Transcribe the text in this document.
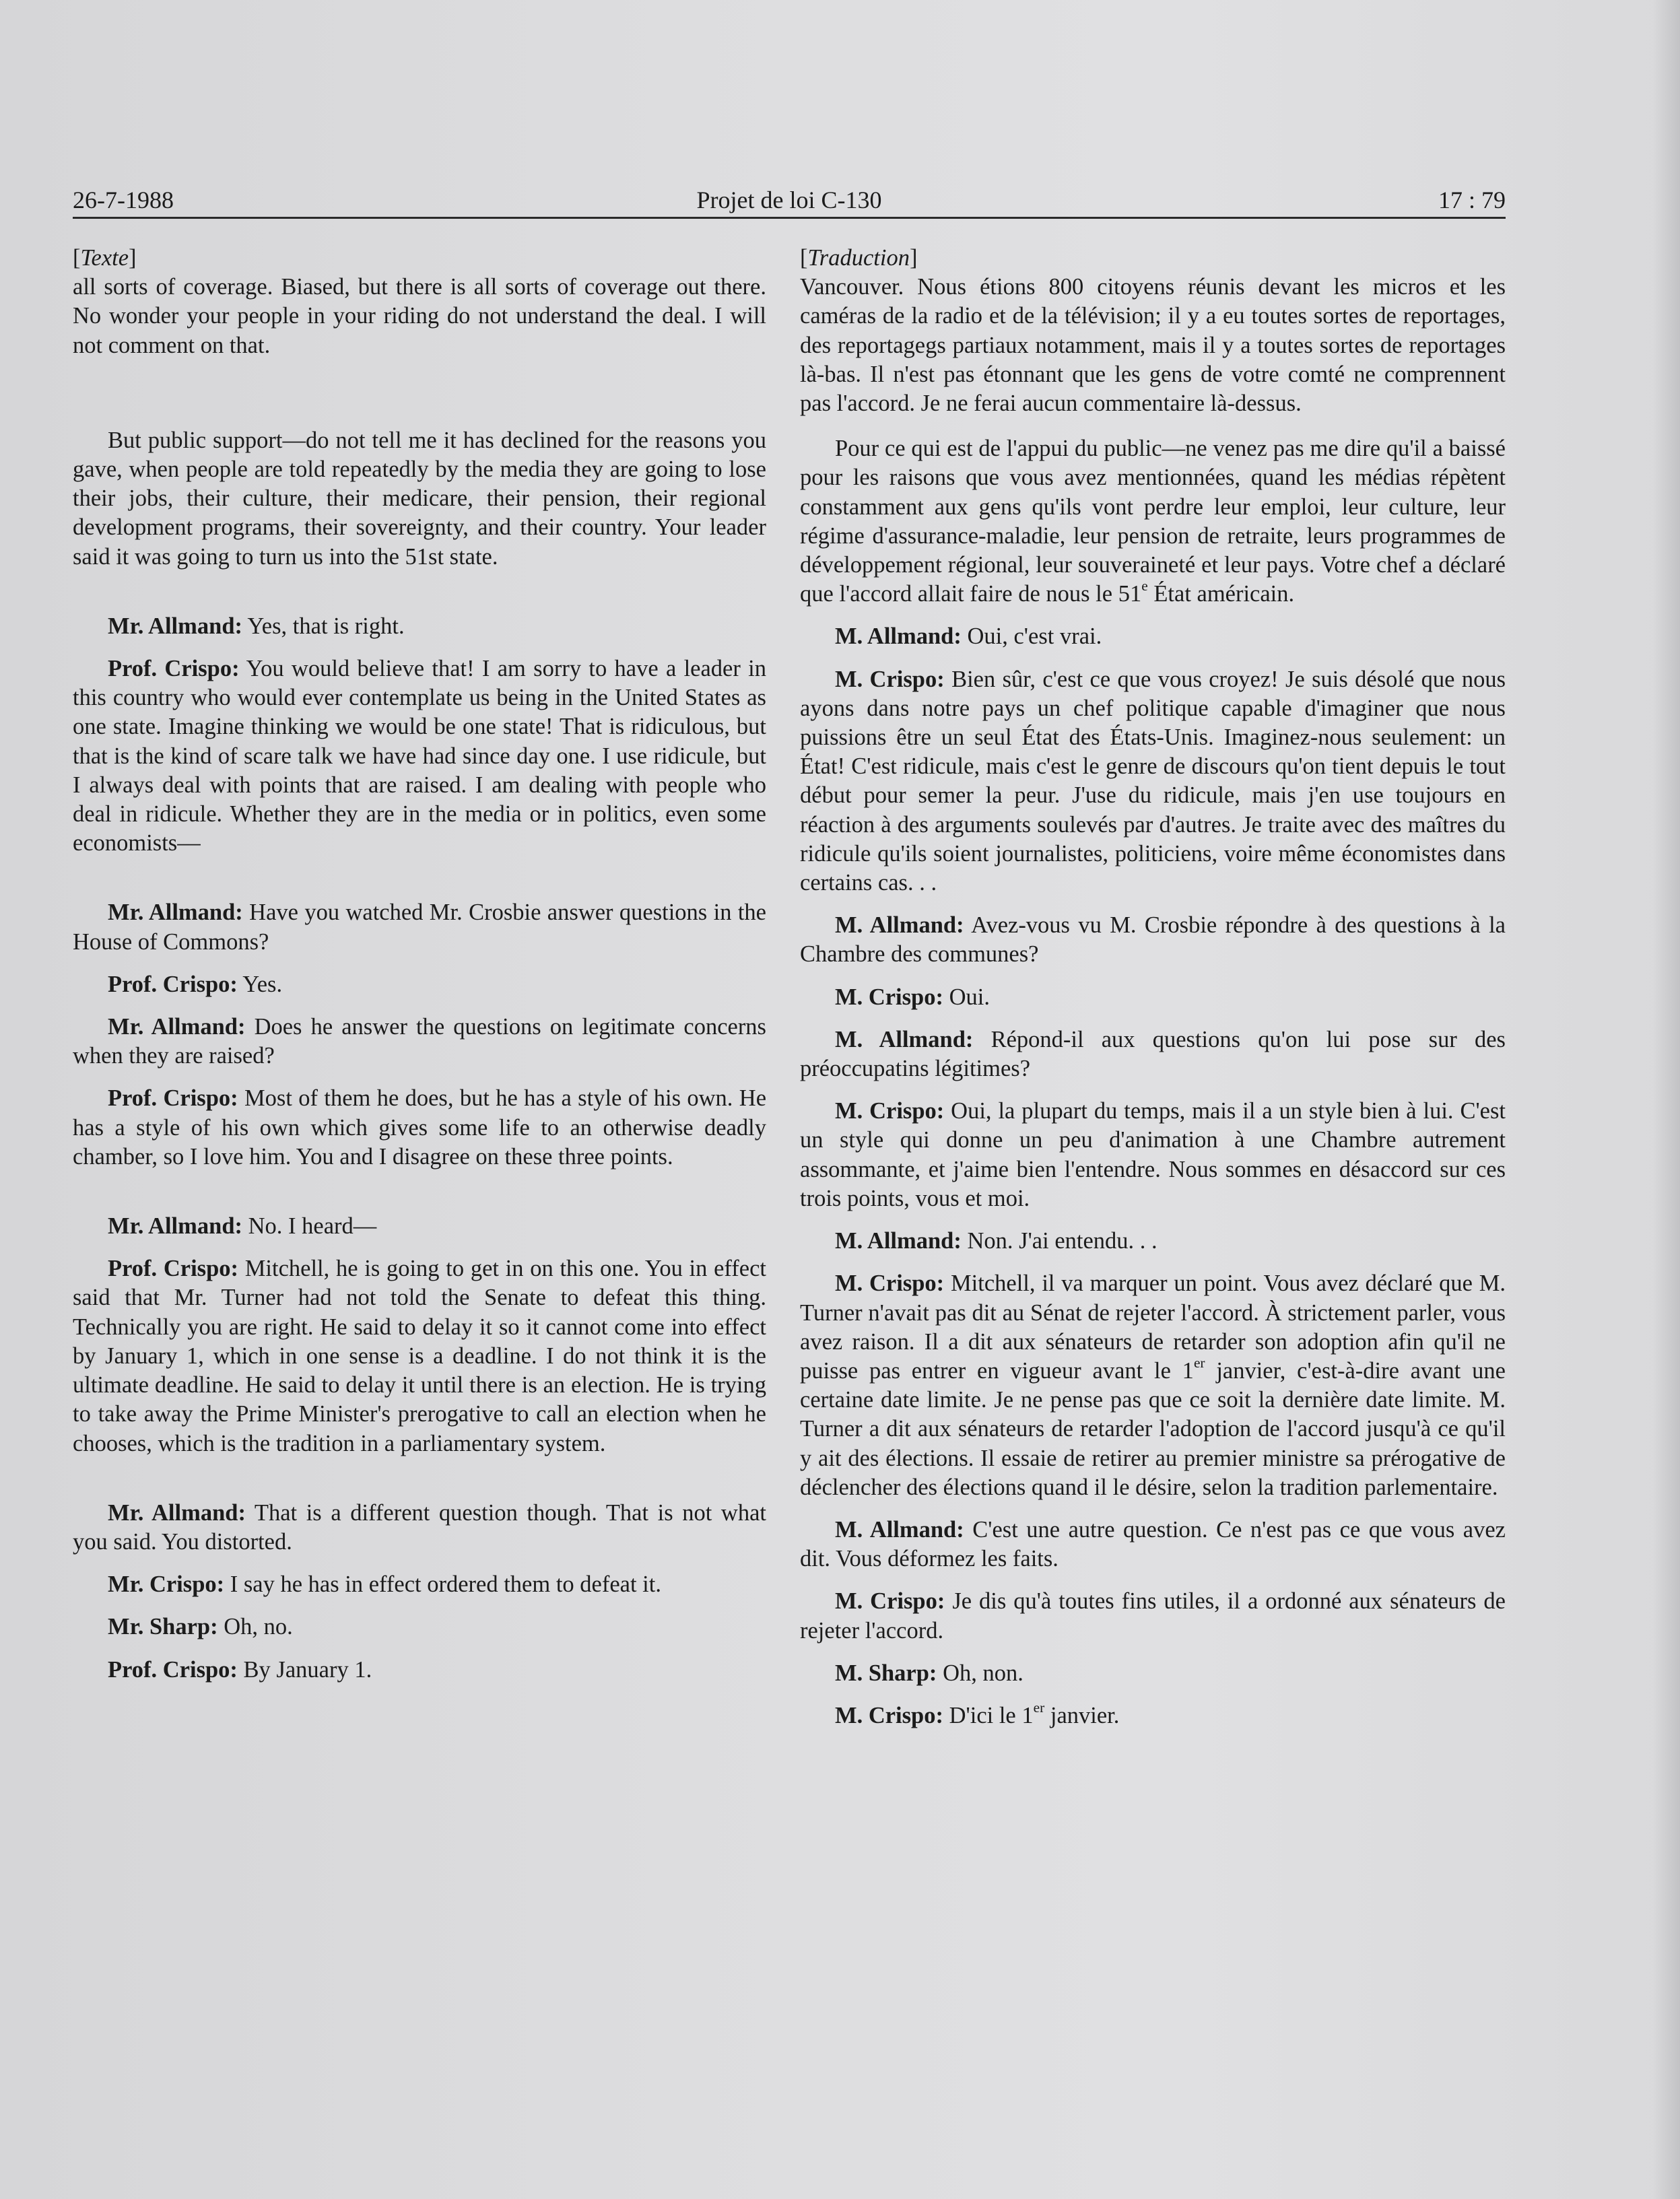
Projet de loi C-130
26-7-1988	17 : 79

[Texte]

all sorts of coverage. Biased, but there is all sorts of coverage out there. No wonder your people in your riding do not understand the deal. I will not comment on that.

But public support—do not tell me it has declined for the reasons you gave, when people are told repeatedly by the media they are going to lose their jobs, their culture, their medicare, their pension, their regional development programs, their sovereignty, and their country. Your leader said it was going to turn us into the 51st state.

Mr. Allmand: Yes, that is right.

Prof. Crispo: You would believe that! I am sorry to have a leader in this country who would ever contemplate us being in the United States as one state. Imagine thinking we would be one state! That is ridiculous, but that is the kind of scare talk we have had since day one. I use ridicule, but I always deal with points that are raised. I am dealing with people who deal in ridicule. Whether they are in the media or in politics, even some economists—

Mr. Allmand: Have you watched Mr. Crosbie answer questions in the House of Commons?

Prof. Crispo: Yes.

Mr. Allmand: Does he answer the questions on legitimate concerns when they are raised?

Prof. Crispo: Most of them he does, but he has a style of his own. He has a style of his own which gives some life to an otherwise deadly chamber, so I love him. You and I disagree on these three points.

Mr. Allmand: No. I heard—

Prof. Crispo: Mitchell, he is going to get in on this one. You in effect said that Mr. Turner had not told the Senate to defeat this thing. Technically you are right. He said to delay it so it cannot come into effect by January 1, which in one sense is a deadline. I do not think it is the ultimate deadline. He said to delay it until there is an election. He is trying to take away the Prime Minister's prerogative to call an election when he chooses, which is the tradition in a parliamentary system.

Mr. Allmand: That is a different question though. That is not what you said. You distorted.

Mr. Crispo: I say he has in effect ordered them to defeat it.

Mr. Sharp: Oh, no.

Prof. Crispo: By January 1.

[Traduction]

Vancouver. Nous étions 800 citoyens réunis devant les micros et les caméras de la radio et de la télévision; il y a eu toutes sortes de reportages, des reportagegs partiaux notamment, mais il y a toutes sortes de reportages là-bas. Il n'est pas étonnant que les gens de votre comté ne comprennent pas l'accord. Je ne ferai aucun commentaire là-dessus.

Pour ce qui est de l'appui du public—ne venez pas me dire qu'il a baissé pour les raisons que vous avez mentionnées, quand les médias répètent constamment aux gens qu'ils vont perdre leur emploi, leur culture, leur régime d'assurance-maladie, leur pension de retraite, leurs programmes de développement régional, leur souveraineté et leur pays. Votre chef a déclaré que l'accord allait faire de nous le 51e État américain.

M. Allmand: Oui, c'est vrai.

M. Crispo: Bien sûr, c'est ce que vous croyez! Je suis désolé que nous ayons dans notre pays un chef politique capable d'imaginer que nous puissions être un seul État des États-Unis. Imaginez-nous seulement: un État! C'est ridicule, mais c'est le genre de discours qu'on tient depuis le tout début pour semer la peur. J'use du ridicule, mais j'en use toujours en réaction à des arguments soulevés par d'autres. Je traite avec des maîtres du ridicule qu'ils soient journalistes, politiciens, voire même économistes dans certains cas. . .

M. Allmand: Avez-vous vu M. Crosbie répondre à des questions à la Chambre des communes?

M. Crispo: Oui.

M. Allmand: Répond-il aux questions qu'on lui pose sur des préoccupatins légitimes?

M. Crispo: Oui, la plupart du temps, mais il a un style bien à lui. C'est un style qui donne un peu d'animation à une Chambre autrement assommante, et j'aime bien l'entendre. Nous sommes en désaccord sur ces trois points, vous et moi.

M. Allmand: Non. J'ai entendu. . .

M. Crispo: Mitchell, il va marquer un point. Vous avez déclaré que M. Turner n'avait pas dit au Sénat de rejeter l'accord. À strictement parler, vous avez raison. Il a dit aux sénateurs de retarder son adoption afin qu'il ne puisse pas entrer en vigueur avant le 1er janvier, c'est-à-dire avant une certaine date limite. Je ne pense pas que ce soit la dernière date limite. M. Turner a dit aux sénateurs de retarder l'adoption de l'accord jusqu'à ce qu'il y ait des élections. Il essaie de retirer au premier ministre sa prérogative de déclencher des élections quand il le désire, selon la tradition parlementaire.

M. Allmand: C'est une autre question. Ce n'est pas ce que vous avez dit. Vous déformez les faits.

M. Crispo: Je dis qu'à toutes fins utiles, il a ordonné aux sénateurs de rejeter l'accord.

M. Sharp: Oh, non.

M. Crispo: D'ici le 1er janvier.
